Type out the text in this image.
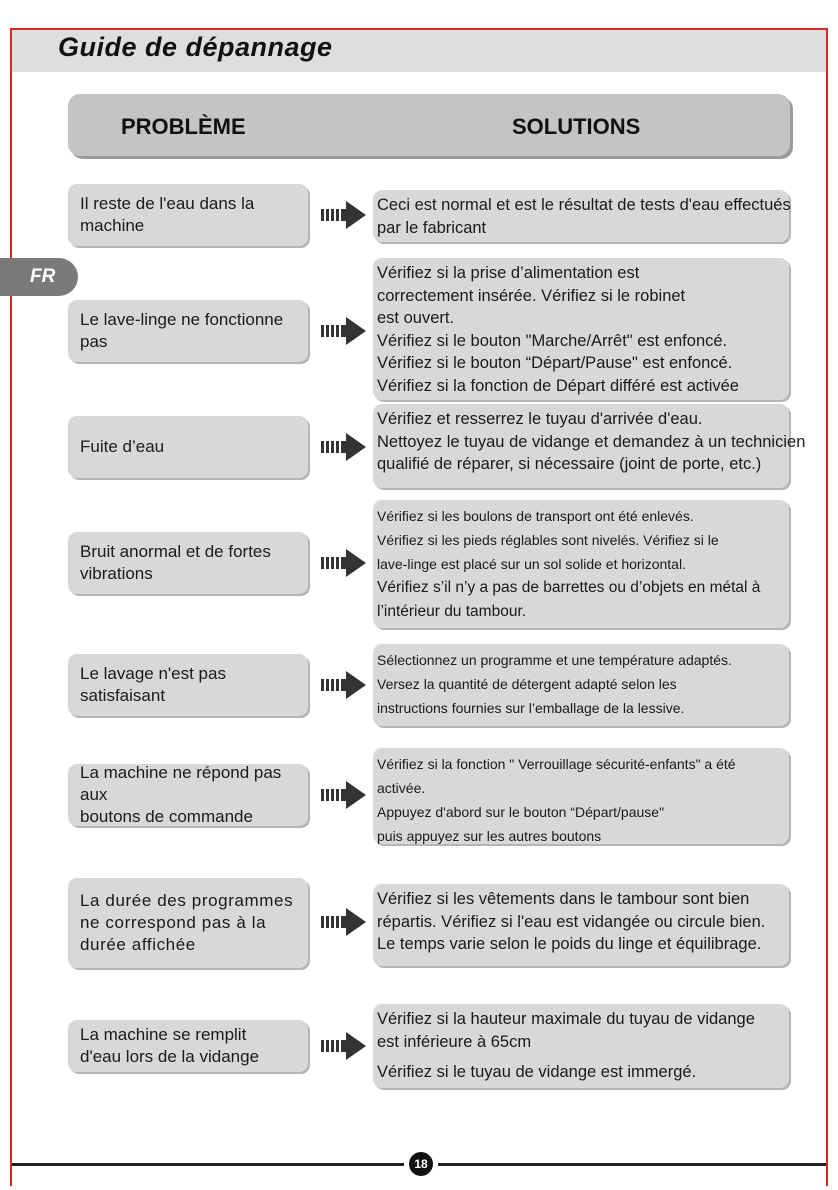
Guide de dépannage
PROBLÈME	SOLUTIONS
FR
Il reste de l'eau dans la
machine
Ceci est normal et est le résultat de tests d'eau effectués
par le fabricant
Le lave-linge ne fonctionne
pas
Vérifiez si la prise d’alimentation est
correctement insérée. Vérifiez si le robinet
est ouvert.
Vérifiez si le bouton "Marche/Arrêt" est enfoncé.
Vérifiez si le bouton “Départ/Pause" est enfoncé.
Vérifiez si la fonction de Départ différé est activée
Fuite d’eau
Vérifiez et resserrez le tuyau d'arrivée d'eau.
Nettoyez le tuyau de vidange et demandez à un technicien
qualifié de réparer, si nécessaire (joint de porte, etc.)
Bruit anormal et de fortes
vibrations
Vérifiez si les boulons de transport ont été enlevés.
Vérifiez si les pieds réglables sont nivelés. Vérifiez si le
lave-linge est placé sur un sol solide et horizontal.
Vérifiez s’il n’y a pas de barrettes ou d’objets en métal à
l’intérieur du tambour.
Le lavage n'est pas
satisfaisant
Sélectionnez un programme et une température adaptés.
Versez la quantité de détergent adapté selon les
instructions fournies sur l’emballage de la lessive.
La machine ne répond pas aux
boutons de commande
Vérifiez si la fonction " Verrouillage sécurité-enfants" a été
activée.
Appuyez d'abord sur le bouton “Départ/pause"
puis appuyez sur les autres boutons
La durée des programmes
ne correspond pas à la
durée affichée
Vérifiez si les vêtements dans le tambour sont bien
répartis. Vérifiez si l'eau est vidangée ou circule bien.
Le temps varie selon le poids du linge et équilibrage.
La machine se remplit
d'eau lors de la vidange
Vérifiez si la hauteur maximale du tuyau de vidange
est inférieure à 65cm
Vérifiez si le tuyau de vidange est immergé.
18
